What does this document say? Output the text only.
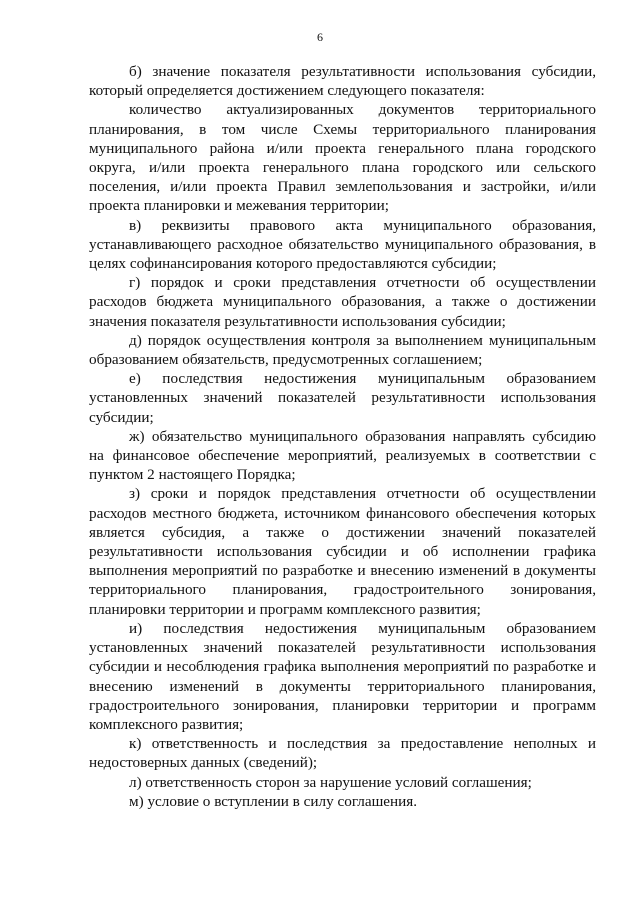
6

б) значение показателя результативности использования субсидии, который определяется достижением следующего показателя:

количество актуализированных документов территориального планирования, в том числе Схемы территориального планирования муниципального района и/или проекта генерального плана городского округа, и/или проекта генерального плана городского или сельского поселения, и/или проекта Правил землепользования и застройки, и/или проекта планировки и межевания территории;

в) реквизиты правового акта муниципального образования, устанавливающего расходное обязательство муниципального образования, в целях софинансирования которого предоставляются субсидии;

г) порядок и сроки представления отчетности об осуществлении расходов бюджета муниципального образования, а также о достижении значения показателя результативности использования субсидии;

д) порядок осуществления контроля за выполнением муниципальным образованием обязательств, предусмотренных соглашением;

е) последствия недостижения муниципальным образованием установленных значений показателей результативности использования субсидии;

ж) обязательство муниципального образования направлять субсидию на финансовое обеспечение мероприятий, реализуемых в соответствии с пунктом 2 настоящего Порядка;

з) сроки и порядок представления отчетности об осуществлении расходов местного бюджета, источником финансового обеспечения которых является субсидия, а также о достижении значений показателей результативности использования субсидии и об исполнении графика выполнения мероприятий по разработке и внесению изменений в документы территориального планирования, градостроительного зонирования, планировки территории и программ комплексного развития;

и) последствия недостижения муниципальным образованием установленных значений показателей результативности использования субсидии и несоблюдения графика выполнения мероприятий по разработке и внесению изменений в документы территориального планирования, градостроительного зонирования, планировки территории и программ комплексного развития;

к) ответственность и последствия за предоставление неполных и недостоверных данных (сведений);

л) ответственность сторон за нарушение условий соглашения;

м) условие о вступлении в силу соглашения.
